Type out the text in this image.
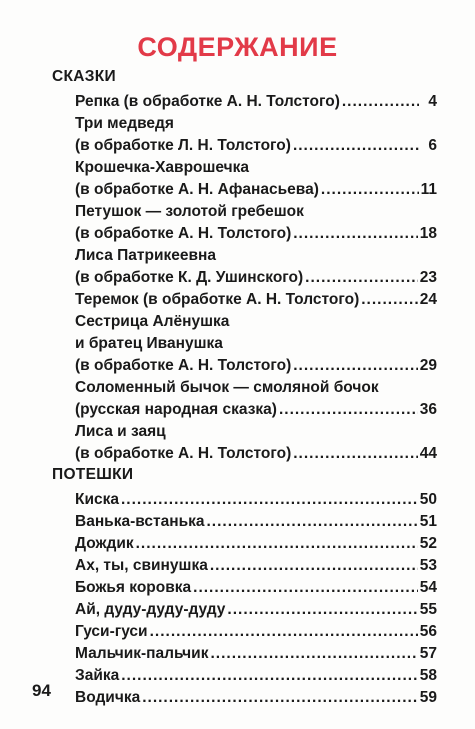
СОДЕРЖАНИЕ
СКАЗКИ
Репка (в обработке А. Н. Толстого) .....	4
Три медведя
(в обработке Л. Н. Толстого) .....	6
Крошечка-Хаврошечка
(в обработке А. Н. Афанасьева) .....	11
Петушок — золотой гребешок
(в обработке А. Н. Толстого) .....	18
Лиса Патрикеевна
(в обработке К. Д. Ушинского) .....	23
Теремок (в обработке А. Н. Толстого) .....	24
Сестрица Алёнушка
и братец Иванушка
(в обработке А. Н. Толстого) .....	29
Соломенный бычок — смоляной бочок
(русская народная сказка) .....	36
Лиса и заяц
(в обработке А. Н. Толстого) .....	44
ПОТЕШКИ
Киска .....	50
Ванька-встанька .....	51
Дождик .....	52
Ах, ты, свинушка .....	53
Божья коровка .....	54
Ай, дуду-дуду-дуду .....	55
Гуси-гуси .....	56
Мальчик-пальчик .....	57
Зайка .....	58
Водичка .....	59
94
